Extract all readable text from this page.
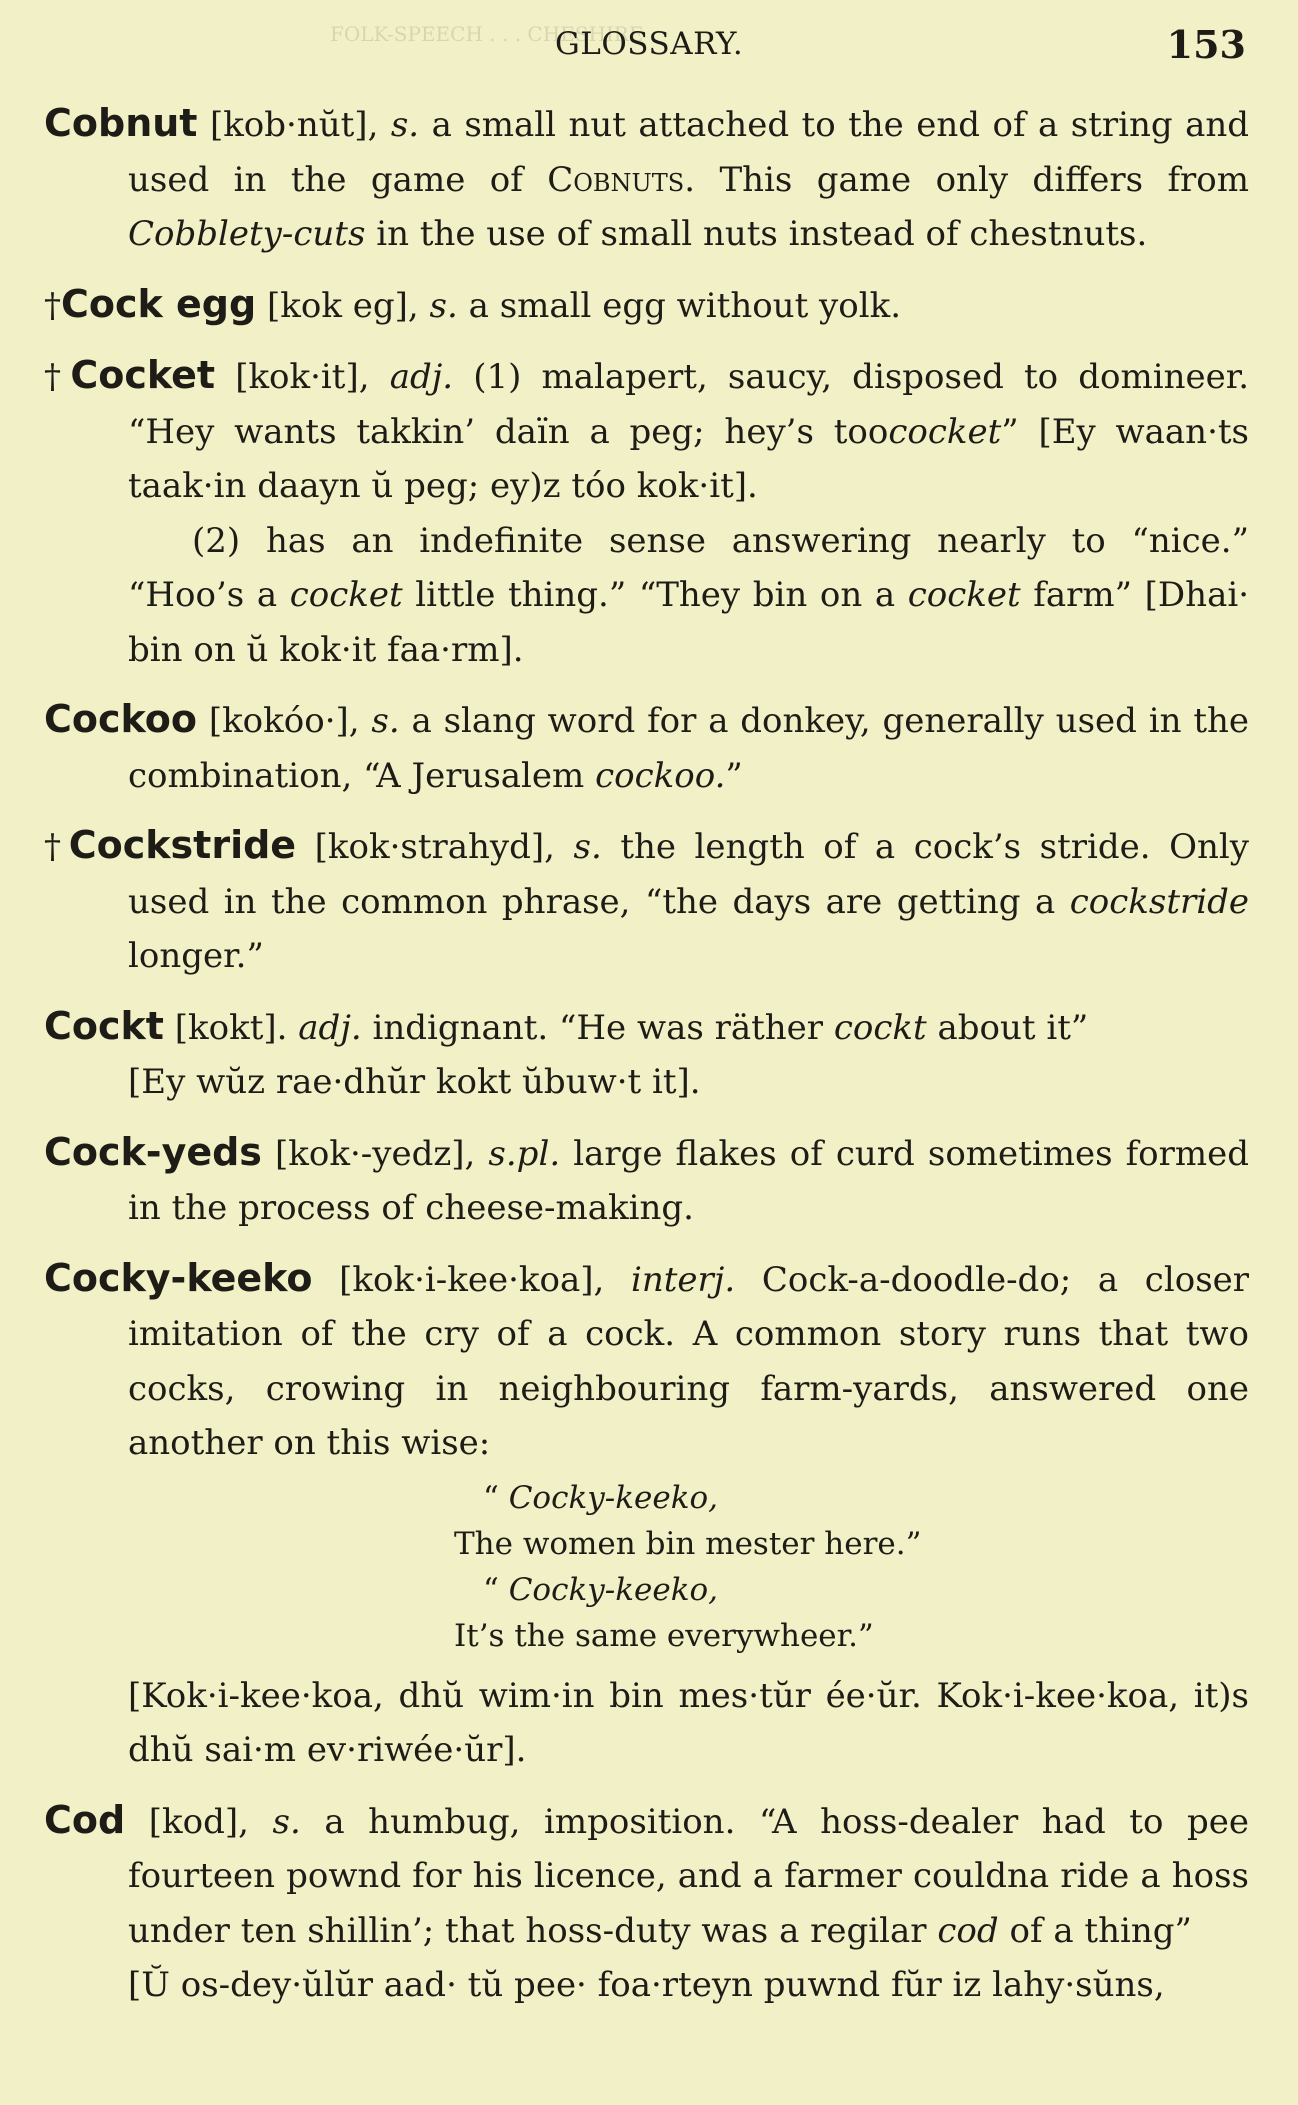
FOLK-SPEECH . . . CHESHIRE
GLOSSARY.	153
Cobnut [kob·nŭt], s. a small nut attached to the end of a string and used in the game of Cobnuts. This game only differs from Cobblety-cuts in the use of small nuts instead of chestnuts.
†Cock egg [kok eg], s. a small egg without yolk.
†Cocket [kok·it], adj. (1) malapert, saucy, disposed to domineer. “Hey wants takkin’ daïn a peg; hey’s toococket” [Ey waan·ts taak·in daayn ŭ peg; ey)z tóo kok·it].
(2) has an indefinite sense answering nearly to “nice.” “Hoo’s a cocket little thing.” “They bin on a cocket farm” [Dhai· bin on ŭ kok·it faa·rm].
Cockoo [kokóo·], s. a slang word for a donkey, generally used in the combination, “A Jerusalem cockoo.”
†Cockstride [kok·strahyd], s. the length of a cock’s stride. Only used in the common phrase, “the days are getting a cockstride longer.”
Cockt [kokt]. adj. indignant. “He was räther cockt about it”
[Ey wŭz rae·dhŭr kokt ŭbuw·t it].
Cock-yeds [kok·-yedz], s.pl. large flakes of curd sometimes formed in the process of cheese-making.
Cocky-keeko [kok·i-kee·koa], interj. Cock-a-doodle-do; a closer imitation of the cry of a cock. A common story runs that two cocks, crowing in neighbouring farm-yards, answered one another on this wise:
“ Cocky-keeko,
The women bin mester here.”
“ Cocky-keeko,
It’s the same everywheer.”
[Kok·i-kee·koa, dhŭ wim·in bin mes·tŭr ée·ŭr. Kok·i-kee·koa, it)s dhŭ sai·m ev·riwée·ŭr].
Cod [kod], s. a humbug, imposition. “A hoss-dealer had to pee fourteen pownd for his licence, and a farmer couldna ride a hoss under ten shillin’; that hoss-duty was a regilar cod of a thing”
[Ŭ os-dey·ŭlŭr aad· tŭ pee· foa·rteyn puwnd fŭr iz lahy·sŭns,
